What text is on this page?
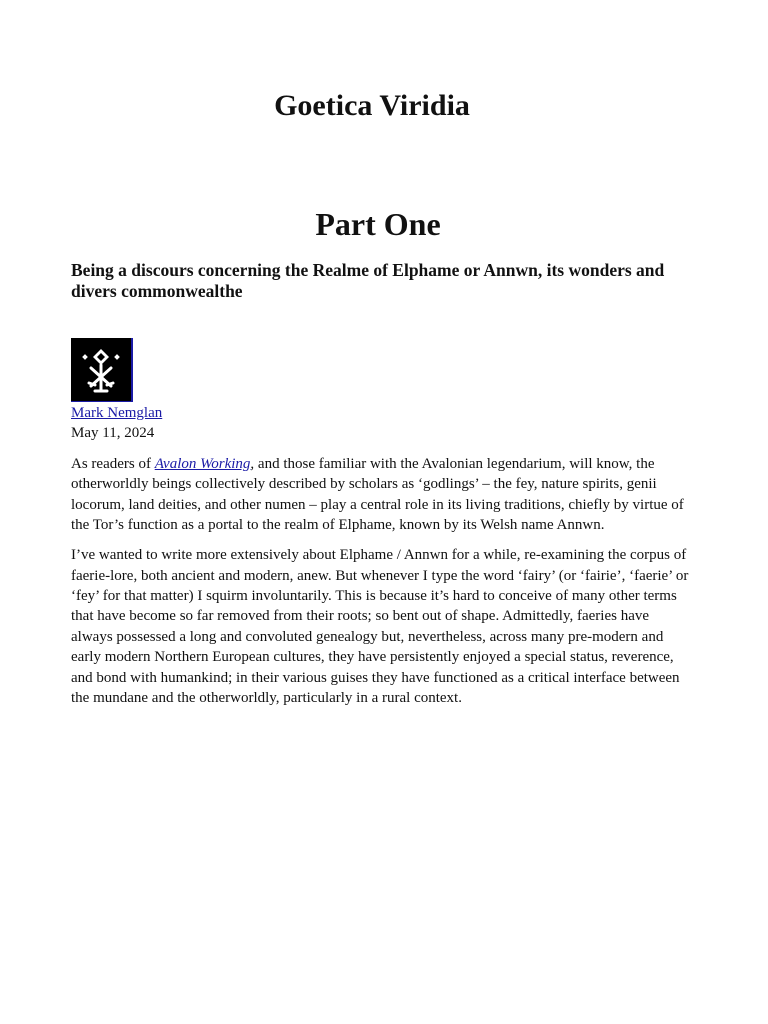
Goetica Viridia
Part One
Being a discours concerning the Realme of Elphame or Annwn, its wonders and divers commonwealthe
Mark Nemglan
May 11, 2024

As readers of Avalon Working, and those familiar with the Avalonian legendarium, will know, the otherworldly beings collectively described by scholars as ‘godlings’ – the fey, nature spirits, genii locorum, land deities, and other numen – play a central role in its living traditions, chiefly by virtue of the Tor’s function as a portal to the realm of Elphame, known by its Welsh name Annwn.

I’ve wanted to write more extensively about Elphame / Annwn for a while, re-examining the corpus of faerie-lore, both ancient and modern, anew. But whenever I type the word ‘fairy’ (or ‘fairie’, ‘faerie’ or ‘fey’ for that matter) I squirm involuntarily. This is because it’s hard to conceive of many other terms that have become so far removed from their roots; so bent out of shape. Admittedly, faeries have always possessed a long and convoluted genealogy but, nevertheless, across many pre-modern and early modern Northern European cultures, they have persistently enjoyed a special status, reverence, and bond with humankind; in their various guises they have functioned as a critical interface between the mundane and the otherworldly, particularly in a rural context.
